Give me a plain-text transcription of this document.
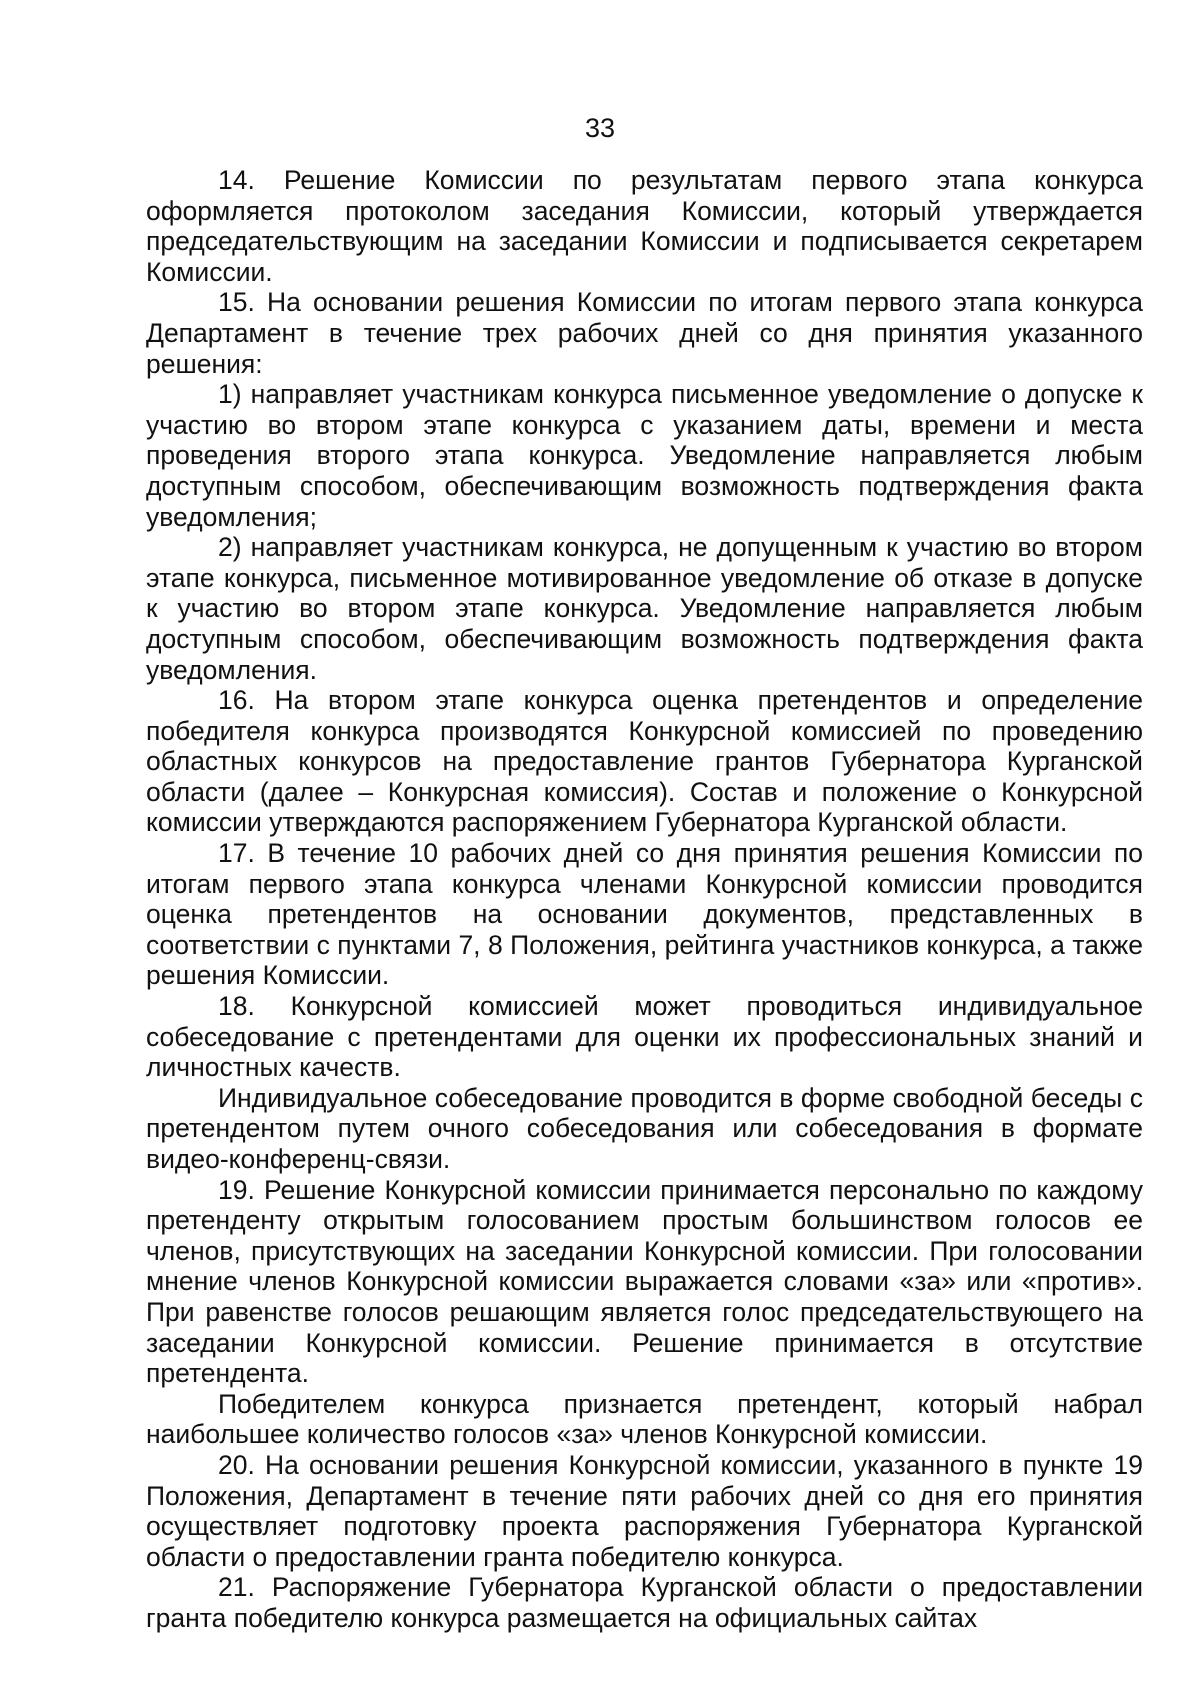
33

14. Решение Комиссии по результатам первого этапа конкурса оформляется протоколом заседания Комиссии, который утверждается председательствующим на заседании Комиссии и подписывается секретарем Комиссии.

15. На основании решения Комиссии по итогам первого этапа конкурса Департамент в течение трех рабочих дней со дня принятия указанного решения:

1) направляет участникам конкурса письменное уведомление о допуске к участию во втором этапе конкурса с указанием даты, времени и места проведения второго этапа конкурса. Уведомление направляется любым доступным способом, обеспечивающим возможность подтверждения факта уведомления;

2) направляет участникам конкурса, не допущенным к участию во втором этапе конкурса, письменное мотивированное уведомление об отказе в допуске к участию во втором этапе конкурса. Уведомление направляется любым доступным способом, обеспечивающим возможность подтверждения факта уведомления.

16. На втором этапе конкурса оценка претендентов и определение победителя конкурса производятся Конкурсной комиссией по проведению областных конкурсов на предоставление грантов Губернатора Курганской области (далее – Конкурсная комиссия). Состав и положение о Конкурсной комиссии утверждаются распоряжением Губернатора Курганской области.

17. В течение 10 рабочих дней со дня принятия решения Комиссии по итогам первого этапа конкурса членами Конкурсной комиссии проводится оценка претендентов на основании документов, представленных в соответствии с пунктами 7, 8 Положения, рейтинга участников конкурса, а также решения Комиссии.

18. Конкурсной комиссией может проводиться индивидуальное собеседование с претендентами для оценки их профессиональных знаний и личностных качеств.

Индивидуальное собеседование проводится в форме свободной беседы с претендентом путем очного собеседования или собеседования в формате видео-конференц-связи.

19. Решение Конкурсной комиссии принимается персонально по каждому претенденту открытым голосованием простым большинством голосов ее членов, присутствующих на заседании Конкурсной комиссии. При голосовании мнение членов Конкурсной комиссии выражается словами «за» или «против». При равенстве голосов решающим является голос председательствующего на заседании Конкурсной комиссии. Решение принимается в отсутствие претендента.

Победителем конкурса признается претендент, который набрал наибольшее количество голосов «за» членов Конкурсной комиссии.

20. На основании решения Конкурсной комиссии, указанного в пункте 19 Положения, Департамент в течение пяти рабочих дней со дня его принятия осуществляет подготовку проекта распоряжения Губернатора Курганской области о предоставлении гранта победителю конкурса.

21. Распоряжение Губернатора Курганской области о предоставлении гранта победителю конкурса размещается на официальных сайтах
